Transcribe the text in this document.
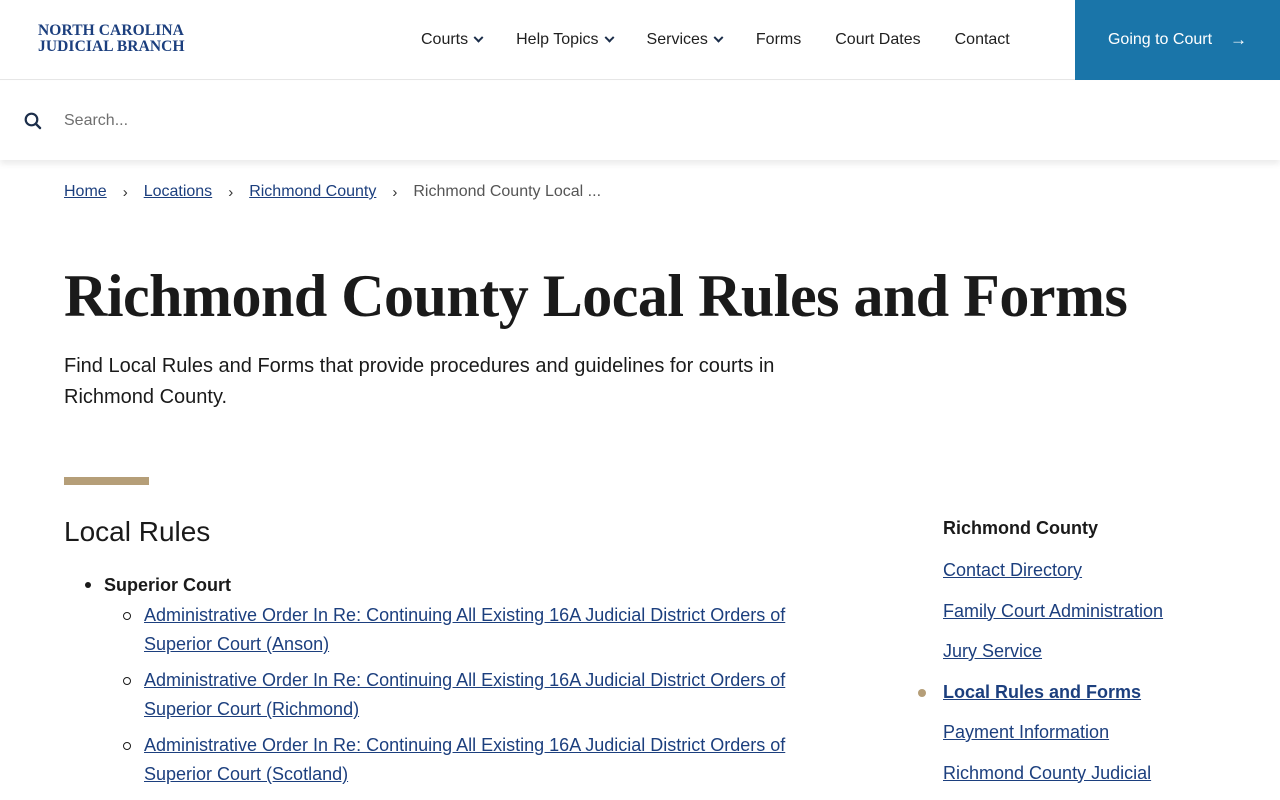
NORTH CAROLINA
JUDICIAL BRANCH	Courts	Help Topics	Services	Forms Court Dates Contact	Going to Court →
Search...
Home › Locations › Richmond County › Richmond County Local ...
Richmond County Local Rules and Forms

Find Local Rules and Forms that provide procedures and guidelines for courts in Richmond County.

Local Rules
Superior Court
Administrative Order In Re: Continuing All Existing 16A Judicial District Orders of Superior Court (Anson)
Administrative Order In Re: Continuing All Existing 16A Judicial District Orders of Superior Court (Richmond)
Administrative Order In Re: Continuing All Existing 16A Judicial District Orders of Superior Court (Scotland)
Richmond County
Contact Directory
Family Court Administration
Jury Service
Local Rules and Forms
Payment Information
Richmond County Judicial
